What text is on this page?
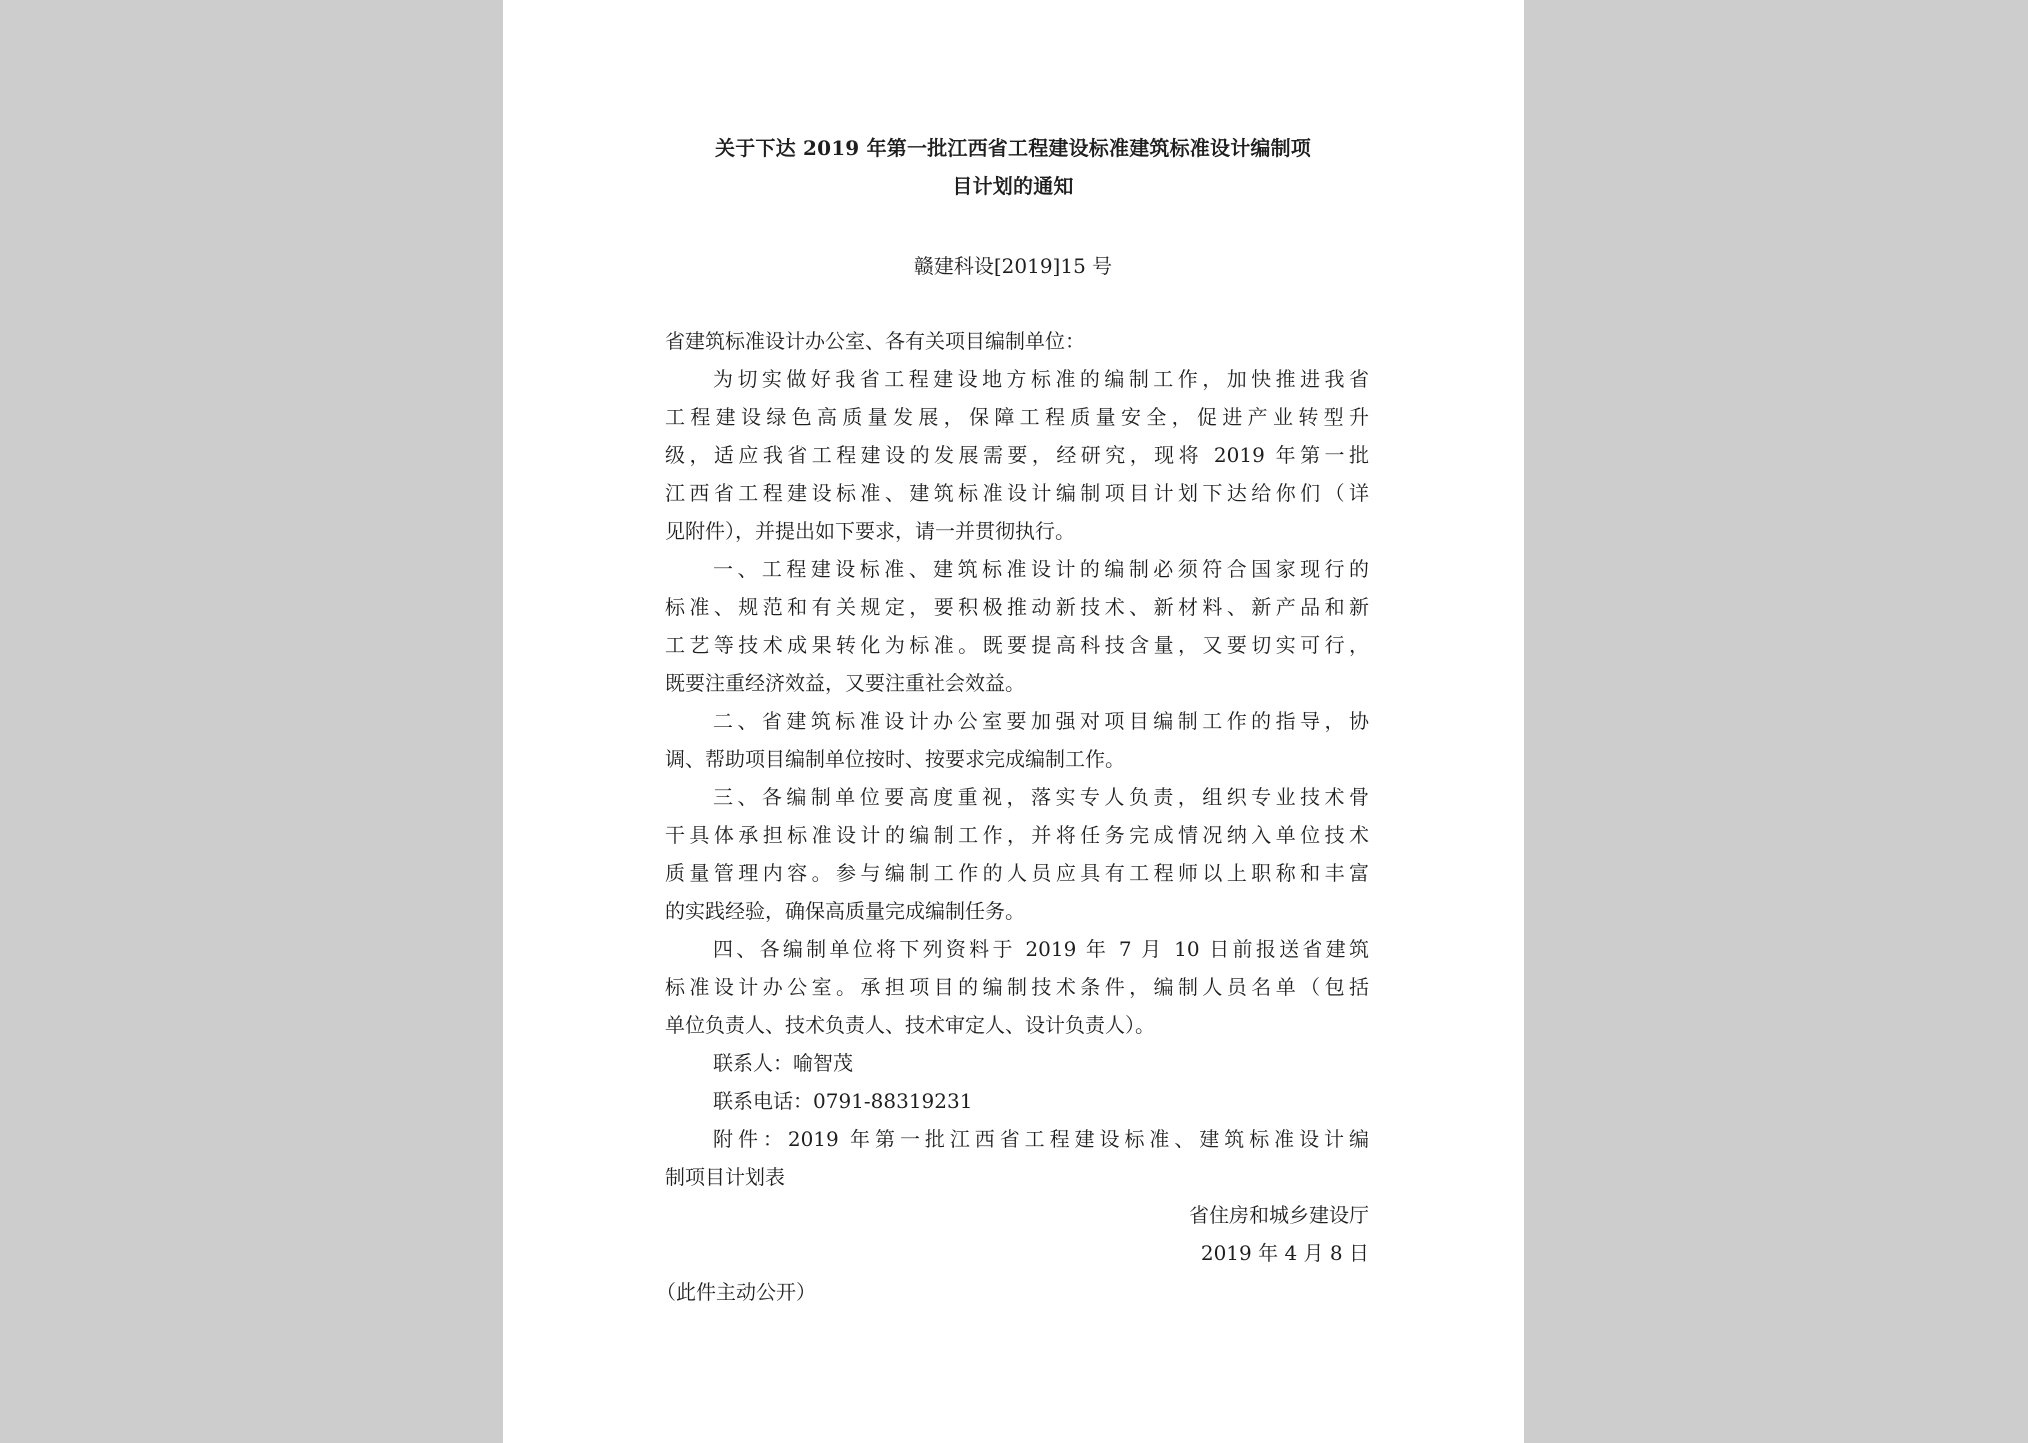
关于下达 2019 年第一批江西省工程建设标准建筑标准设计编制项
目计划的通知
赣建科设[2019]15 号
省建筑标准设计办公室、各有关项目编制单位：
为切实做好我省工程建设地方标准的编制工作，加快推进我省
工程建设绿色高质量发展，保障工程质量安全，促进产业转型升
级，适应我省工程建设的发展需要，经研究，现将 2019 年第一批
江西省工程建设标准、建筑标准设计编制项目计划下达给你们（详
见附件），并提出如下要求，请一并贯彻执行。
一、工程建设标准、建筑标准设计的编制必须符合国家现行的
标准、规范和有关规定，要积极推动新技术、新材料、新产品和新
工艺等技术成果转化为标准。既要提高科技含量，又要切实可行，
既要注重经济效益，又要注重社会效益。
二、省建筑标准设计办公室要加强对项目编制工作的指导，协
调、帮助项目编制单位按时、按要求完成编制工作。
三、各编制单位要高度重视，落实专人负责，组织专业技术骨
干具体承担标准设计的编制工作，并将任务完成情况纳入单位技术
质量管理内容。参与编制工作的人员应具有工程师以上职称和丰富
的实践经验，确保高质量完成编制任务。
四、各编制单位将下列资料于 2019 年 7 月 10 日前报送省建筑
标准设计办公室。承担项目的编制技术条件，编制人员名单（包括
单位负责人、技术负责人、技术审定人、设计负责人）。
联系人：喻智茂
联系电话：0791-88319231
附件：2019 年第一批江西省工程建设标准、建筑标准设计编
制项目计划表
省住房和城乡建设厅
2019 年 4 月 8 日
（此件主动公开）
